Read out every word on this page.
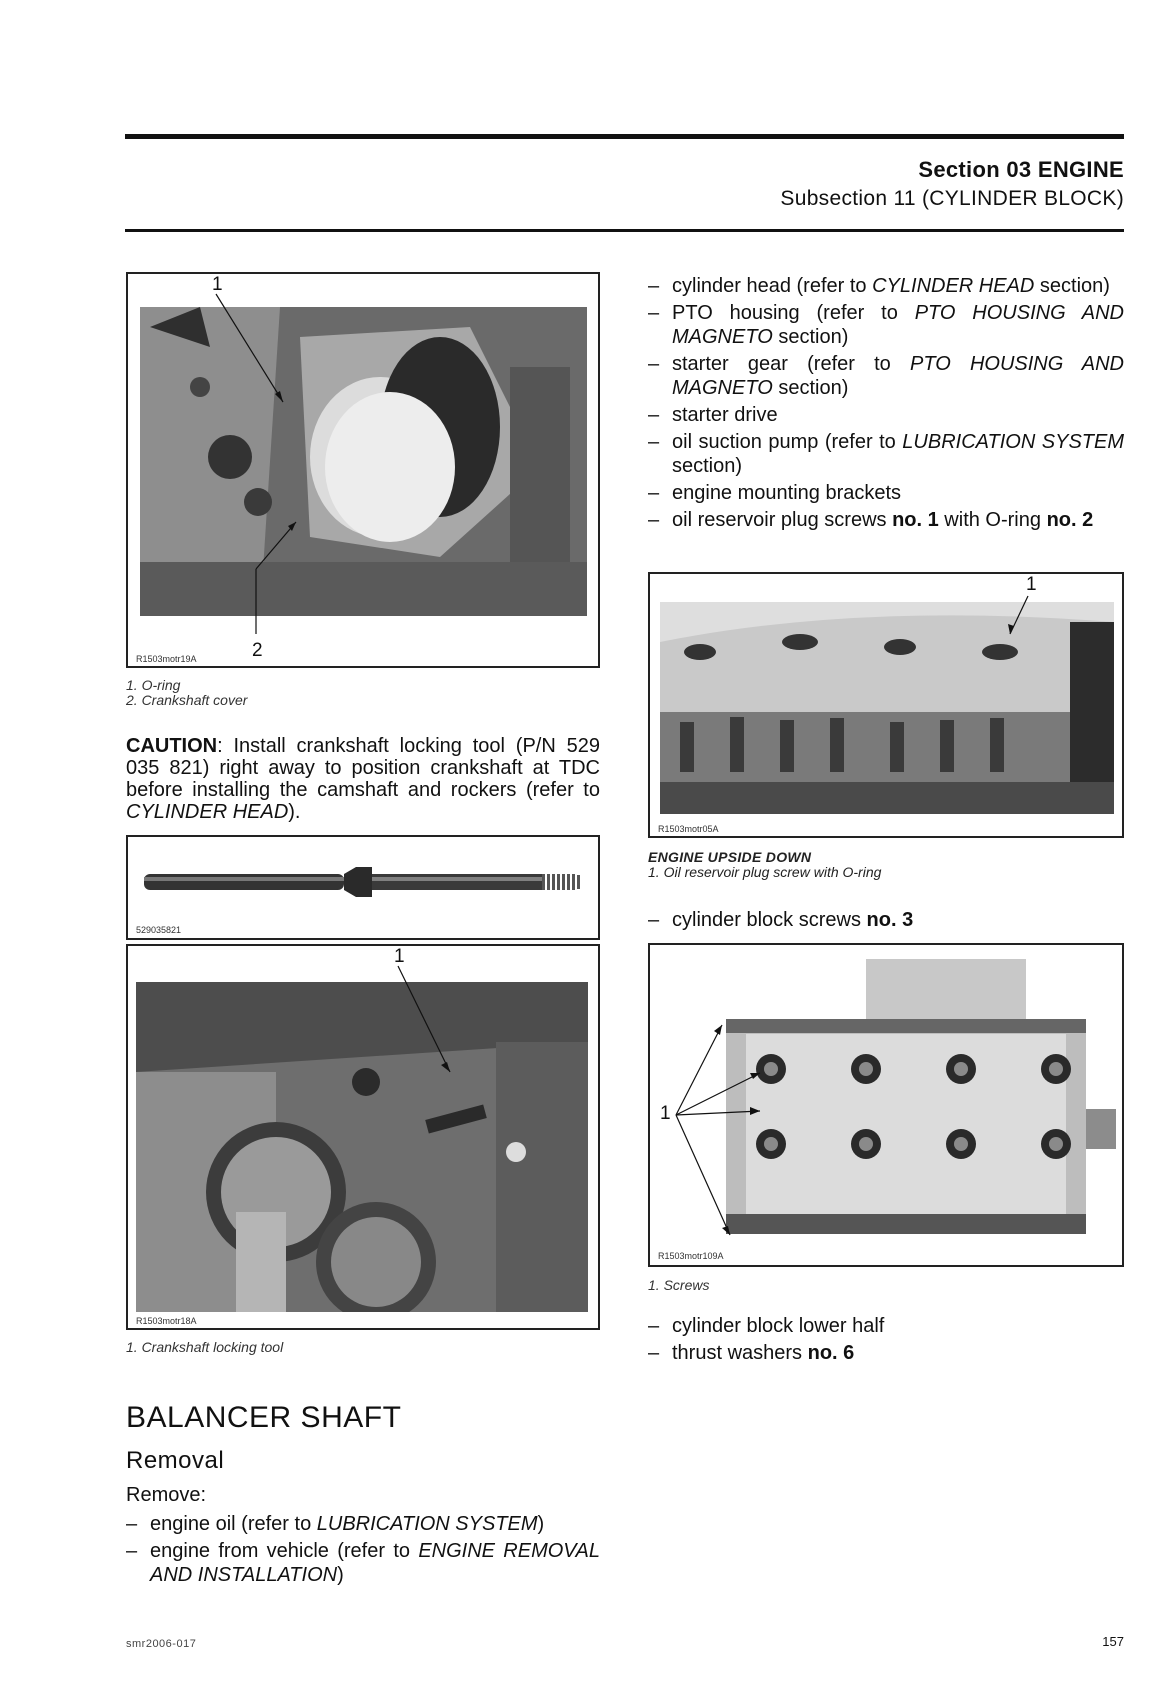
Section 03 ENGINE
Subsection 11 (CYLINDER BLOCK)
1
2
R1503motr19A
1. O-ring
2. Crankshaft cover
CAUTION: Install crankshaft locking tool (P/N 529 035 821) right away to position crankshaft at TDC before installing the camshaft and rockers (refer to CYLINDER HEAD).
529035821
1
R1503motr18A
1. Crankshaft locking tool
– cylinder head (refer to CYLINDER HEAD section)
– PTO housing (refer to PTO HOUSING AND MAGNETO section)
– starter gear (refer to PTO HOUSING AND MAGNETO section)
– starter drive
– oil suction pump (refer to LUBRICATION SYSTEM section)
– engine mounting brackets
– oil reservoir plug screws no. 1 with O-ring no. 2
1
R1503motr05A
ENGINE UPSIDE DOWN
1. Oil reservoir plug screw with O-ring
– cylinder block screws no. 3
1
R1503motr109A
1. Screws
– cylinder block lower half
– thrust washers no. 6
BALANCER SHAFT
Removal
Remove:
– engine oil (refer to LUBRICATION SYSTEM)
– engine from vehicle (refer to ENGINE REMOVAL AND INSTALLATION)
smr2006-017	157
